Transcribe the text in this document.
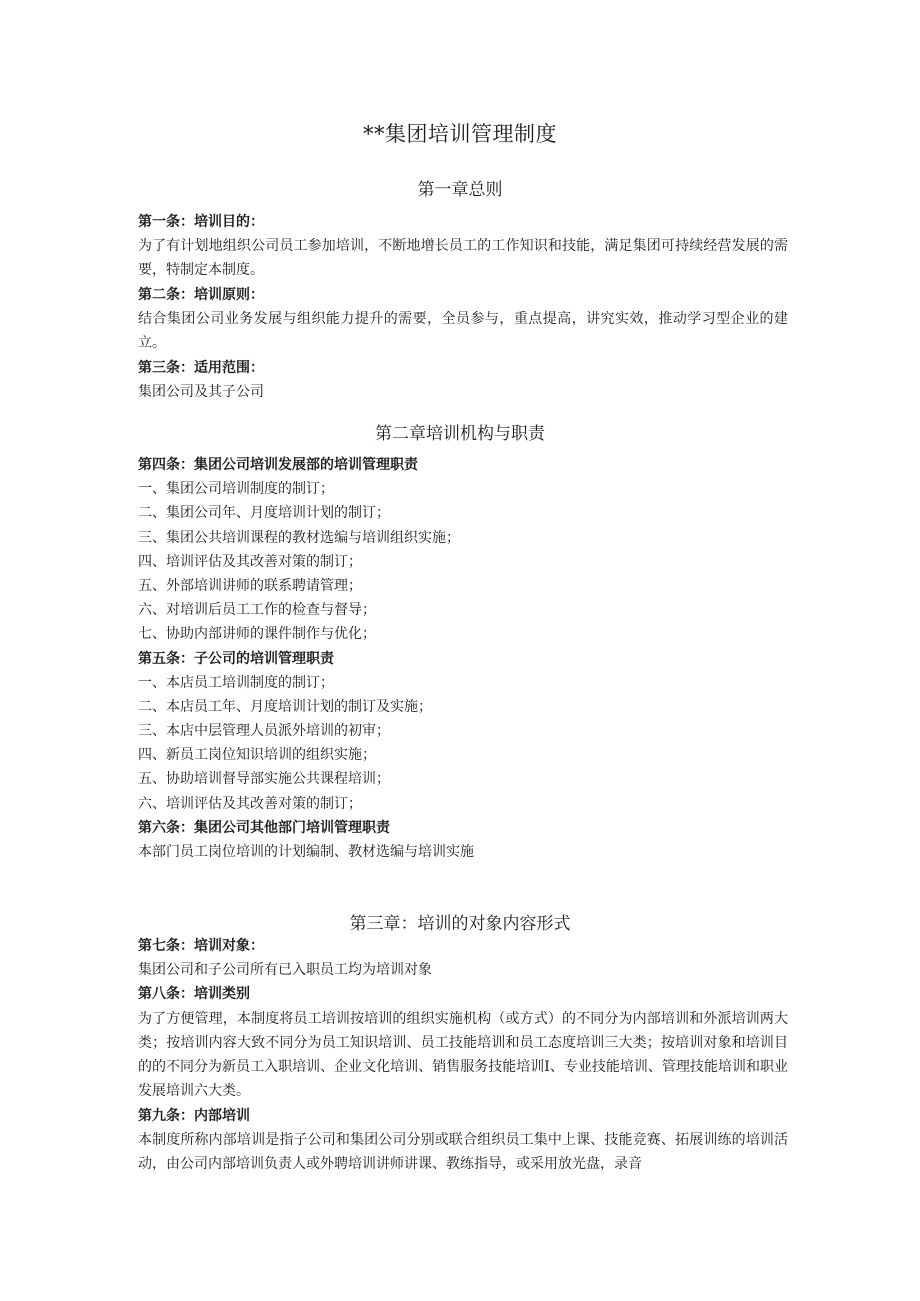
**集团培训管理制度
第一章总则
第一条：培训目的：
为了有计划地组织公司员工参加培训，不断地增长员工的工作知识和技能，满足集团可持续经营发展的需要，特制定本制度。
第二条：培训原则：
结合集团公司业务发展与组织能力提升的需要，全员参与，重点提高，讲究实效，推动学习型企业的建立。
第三条：适用范围：
集团公司及其子公司
第二章培训机构与职责
第四条：集团公司培训发展部的培训管理职责
一、集团公司培训制度的制订；
二、集团公司年、月度培训计划的制订；
三、集团公共培训课程的教材选编与培训组织实施；
四、培训评估及其改善对策的制订；
五、外部培训讲师的联系聘请管理；
六、对培训后员工工作的检查与督导；
七、协助内部讲师的课件制作与优化；
第五条：子公司的培训管理职责
一、本店员工培训制度的制订；
二、本店员工年、月度培训计划的制订及实施；
三、本店中层管理人员派外培训的初审；
四、新员工岗位知识培训的组织实施；
五、协助培训督导部实施公共课程培训；
六、培训评估及其改善对策的制订；
第六条：集团公司其他部门培训管理职责
本部门员工岗位培训的计划编制、教材选编与培训实施
第三章：培训的对象内容形式
第七条：培训对象：
集团公司和子公司所有已入职员工均为培训对象
第八条：培训类别
为了方便管理，本制度将员工培训按培训的组织实施机构（或方式）的不同分为内部培训和外派培训两大类；按培训内容大致不同分为员工知识培训、员工技能培训和员工态度培训三大类；按培训对象和培训目的的不同分为新员工入职培训、企业文化培训、销售服务技能培训I、专业技能培训、管理技能培训和职业发展培训六大类。
第九条：内部培训
本制度所称内部培训是指子公司和集团公司分别或联合组织员工集中上课、技能竞赛、拓展训练的培训活动，由公司内部培训负责人或外聘培训讲师讲课、教练指导，或采用放光盘，录音
